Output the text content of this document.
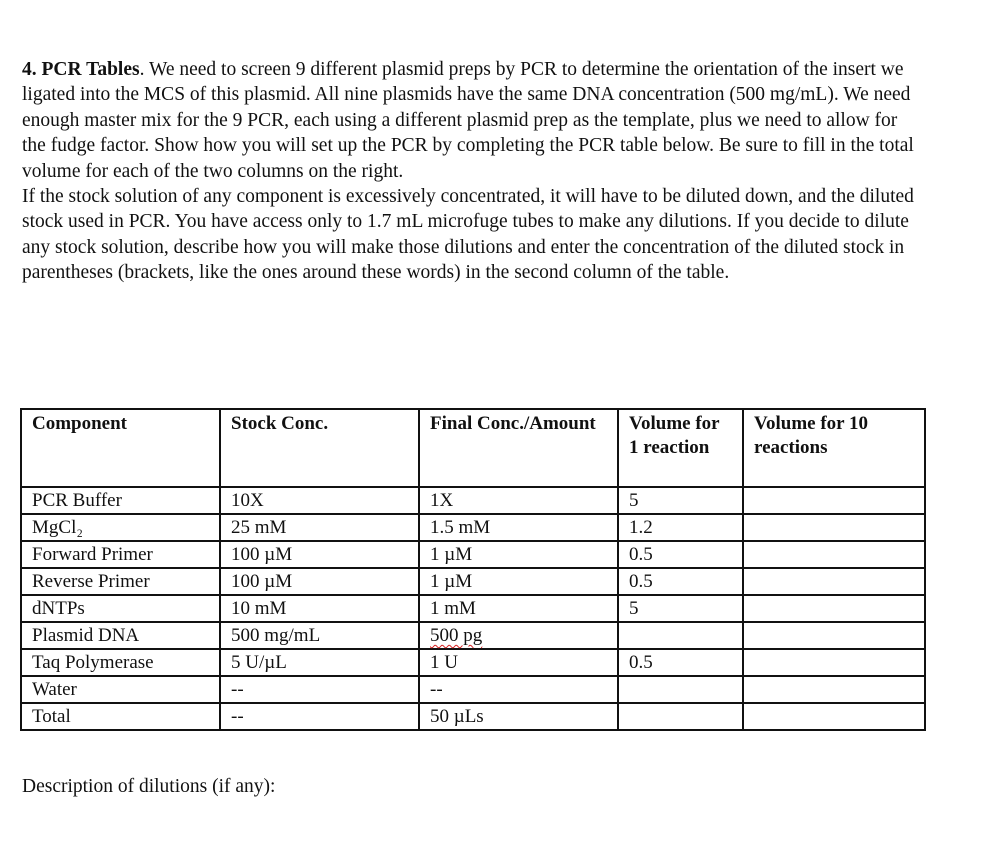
4. PCR Tables. We need to screen 9 different plasmid preps by PCR to determine the orientation of the insert we ligated into the MCS of this plasmid. All nine plasmids have the same DNA concentration (500 mg/mL). We need enough master mix for the 9 PCR, each using a different plasmid prep as the template, plus we need to allow for the fudge factor. Show how you will set up the PCR by completing the PCR table below. Be sure to fill in the total volume for each of the two columns on the right.

If the stock solution of any component is excessively concentrated, it will have to be diluted down, and the diluted stock used in PCR. You have access only to 1.7 mL microfuge tubes to make any dilutions. If you decide to dilute any stock solution, describe how you will make those dilutions and enter the concentration of the diluted stock in parentheses (brackets, like the ones around these words) in the second column of the table.

Component	Stock Conc.	Final Conc./Amount	Volume for 1 reaction	Volume for 10 reactions
PCR Buffer	10X	1X	5	
MgCl₂	25 mM	1.5 mM	1.2	
Forward Primer	100 µM	1 µM	0.5	
Reverse Primer	100 µM	1 µM	0.5	
dNTPs	10 mM	1 mM	5	
Plasmid DNA	500 mg/mL	500 pg		
Taq Polymerase	5 U/µL	1 U	0.5	
Water	--	--		
Total	--	50 µLs		
Description of dilutions (if any):
